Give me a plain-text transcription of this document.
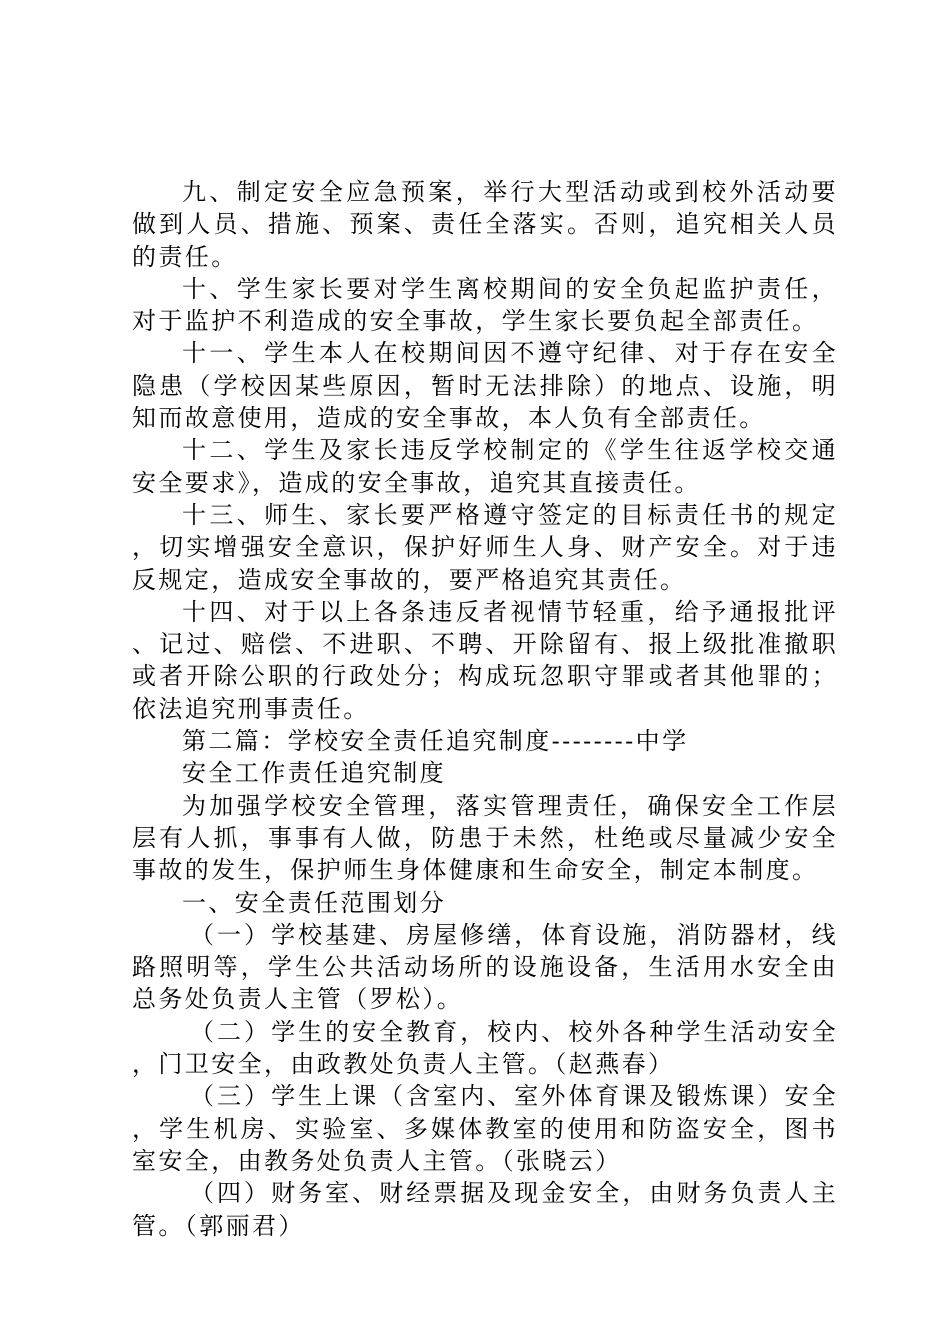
九、制定安全应急预案，举行大型活动或到校外活动要做到人员、措施、预案、责任全落实。否则，追究相关人员的责任。

十、学生家长要对学生离校期间的安全负起监护责任，对于监护不利造成的安全事故，学生家长要负起全部责任。

十一、学生本人在校期间因不遵守纪律、对于存在安全隐患（学校因某些原因，暂时无法排除）的地点、设施，明知而故意使用，造成的安全事故，本人负有全部责任。

十二、学生及家长违反学校制定的《学生往返学校交通安全要求》，造成的安全事故，追究其直接责任。

十三、师生、家长要严格遵守签定的目标责任书的规定，切实增强安全意识，保护好师生人身、财产安全。对于违反规定，造成安全事故的，要严格追究其责任。

十四、对于以上各条违反者视情节轻重，给予通报批评、记过、赔偿、不进职、不聘、开除留有、报上级批准撤职或者开除公职的行政处分；构成玩忽职守罪或者其他罪的；依法追究刑事责任。

第二篇：学校安全责任追究制度--------中学

安全工作责任追究制度

为加强学校安全管理，落实管理责任，确保安全工作层层有人抓，事事有人做，防患于未然，杜绝或尽量减少安全事故的发生，保护师生身体健康和生命安全，制定本制度。

一、安全责任范围划分

（一）学校基建、房屋修缮，体育设施，消防器材，线路照明等，学生公共活动场所的设施设备，生活用水安全由总务处负责人主管（罗松）。

（二）学生的安全教育，校内、校外各种学生活动安全，门卫安全，由政教处负责人主管。（赵燕春）

（三）学生上课（含室内、室外体育课及锻炼课）安全，学生机房、实验室、多媒体教室的使用和防盗安全，图书室安全，由教务处负责人主管。（张晓云）

（四）财务室、财经票据及现金安全，由财务负责人主管。（郭丽君）
